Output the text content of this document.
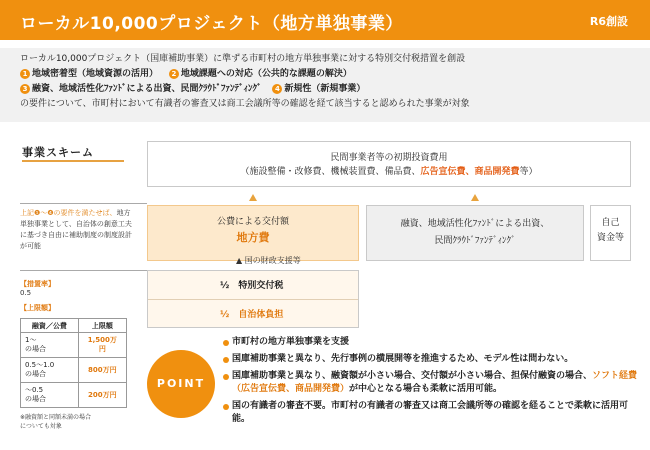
ローカル10,000プロジェクト（地方単独事業）	R6創設
ローカル10,000プロジェクト（国庫補助事業）に準ずる市町村の地方単独事業に対する特別交付税措置を創設
1 地域密着型（地域資源の活用） 2 地域課題への対応（公共的な課題の解決）
3 融資、地域活性化ﾌｧﾝﾄﾞによる出資、民間ｸﾗｳﾄﾞﾌｧﾝﾃﾞｨﾝｸﾞ 4 新規性（新規事業）
の要件について、市町村において有識者の審査又は商工会議所等の確認を経て該当すると認められた事業が対象
事業スキーム
上記❶～❹の要件を満たせば、地方単独事業として、自治体の創意工夫に基づき自由に補助制度の制度設計が可能
民間事業者等の初期投資費用
（施設整備・改修費、機械装置費、備品費、広告宣伝費、商品開発費等）
公費による交付額
地方費
融資、地域活性化ﾌｧﾝﾄﾞによる出資、
民間ｸﾗｳﾄﾞﾌｧﾝﾃﾞｨﾝｸﾞ
自己
資金等
▲ 国の財政支援等
½　特別交付税
½　自治体負担
【措置率】
0.5
【上限額】
融資／公費	上限額
1～
の場合	1,500万
円
0.5～1.0
の場合	800万円
～0.5
の場合	200万円
※融資額と同額未満の場合
についても対象
POINT
市町村の地方単独事業を支援
国庫補助事業と異なり、先行事例の横展開等を推進するため、モデル性は問わない。
国庫補助事業と異なり、融資額が小さい場合、交付額が小さい場合、担保付融資の場合、ソフト経費（広告宣伝費、商品開発費）が中心となる場合も柔軟に活用可能。
国の有識者の審査不要。市町村の有識者の審査又は商工会議所等の確認を経ることで柔軟に活用可能。
